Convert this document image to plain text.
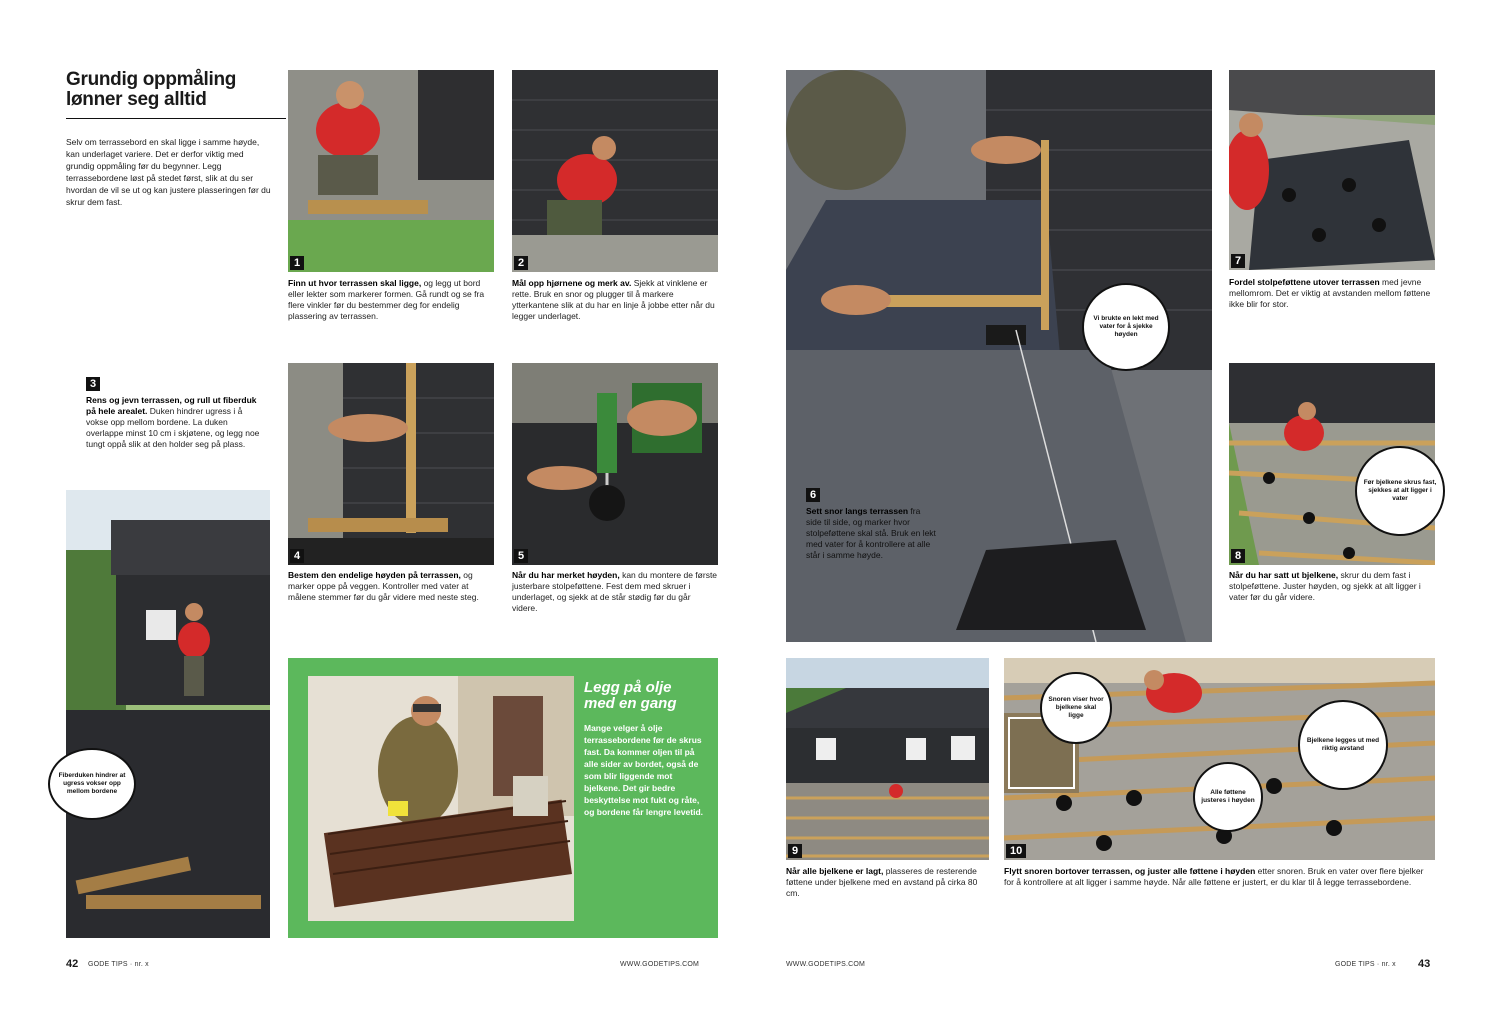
Grundig oppmåling
lønner seg alltid
Selv om terrassebord en skal ligge i samme høyde, kan underlaget variere. Det er derfor viktig med grundig oppmåling før du begynner. Legg terrassebordene løst på stedet først, slik at du ser hvordan de vil se ut og kan justere plasseringen før du skrur dem fast.
1
Finn ut hvor terrassen skal ligge, og legg ut bord eller lekter som markerer formen. Gå rundt og se fra flere vinkler før du bestemmer deg for endelig plassering av terrassen.
2
Mål opp hjørnene og merk av. Sjekk at vinklene er rette. Bruk en snor og plugger til å markere ytterkantene slik at du har en linje å jobbe etter når du legger underlaget.
3
Rens og jevn terrassen, og rull ut fiberduk på hele arealet. Duken hindrer ugress i å vokse opp mellom bordene. La duken overlappe minst 10 cm i skjøtene, og legg noe tungt oppå slik at den holder seg på plass.
Fiberduken hindrer at ugress vokser opp mellom bordene
4
Bestem den endelige høyden på terrassen, og marker oppe på veggen. Kontroller med vater at målene stemmer før du går videre med neste steg.
5
Når du har merket høyden, kan du montere de første justerbare stolpeføttene. Fest dem med skruer i underlaget, og sjekk at de står stødig før du går videre.
Legg på olje
med en gang
Mange velger å olje terrassebordene før de skrus fast. Da kommer oljen til på alle sider av bordet, også de som blir liggende mot bjelkene. Det gir bedre beskyttelse mot fukt og råte, og bordene får lengre levetid.
42 GODE TIPS · nr. x	WWW.GODETIPS.COM
6
Sett snor langs terrassen fra side til side, og marker hvor stolpeføttene skal stå. Bruk en lekt med vater for å kontrollere at alle står i samme høyde.
Vi brukte en lekt med vater for å sjekke høyden
7
Fordel stolpeføttene utover terrassen med jevne mellomrom. Det er viktig at avstanden mellom føttene ikke blir for stor.
8
Før bjelkene skrus fast, sjekkes at alt ligger i vater
Når du har satt ut bjelkene, skrur du dem fast i stolpeføttene. Juster høyden, og sjekk at alt ligger i vater før du går videre.
9
Når alle bjelkene er lagt, plasseres de resterende føttene under bjelkene med en avstand på cirka 80 cm.
10
Snoren viser hvor bjelkene skal ligge
Alle føttene justeres i høyden
Bjelkene legges ut med riktig avstand
Flytt snoren bortover terrassen, og juster alle føttene i høyden etter snoren. Bruk en vater over flere bjelker for å kontrollere at alt ligger i samme høyde. Når alle føttene er justert, er du klar til å legge terrassebordene.
WWW.GODETIPS.COM	GODE TIPS · nr. x 43
